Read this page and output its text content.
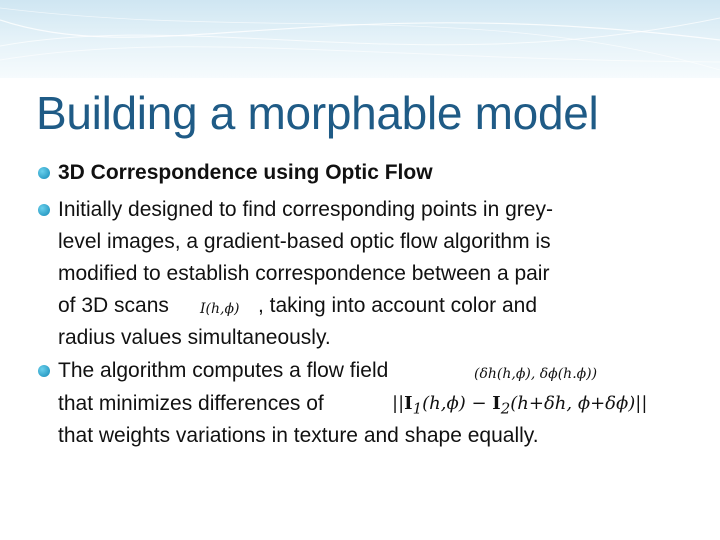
Building a morphable model
3D Correspondence using Optic Flow
Initially designed to find corresponding points in grey-
level images, a gradient-based optic flow algorithm is
modified to establish correspondence between a pair
of 3D scans I(h,ϕ) , taking into account color and
radius values simultaneously.
The algorithm computes a flow field	(δh(h,ϕ), δϕ(h.ϕ))
that minimizes differences of	$||I_1(h,\phi) - I_2(h+\delta h$, ϕ+δϕ)||
that weights variations in texture and shape equally.
